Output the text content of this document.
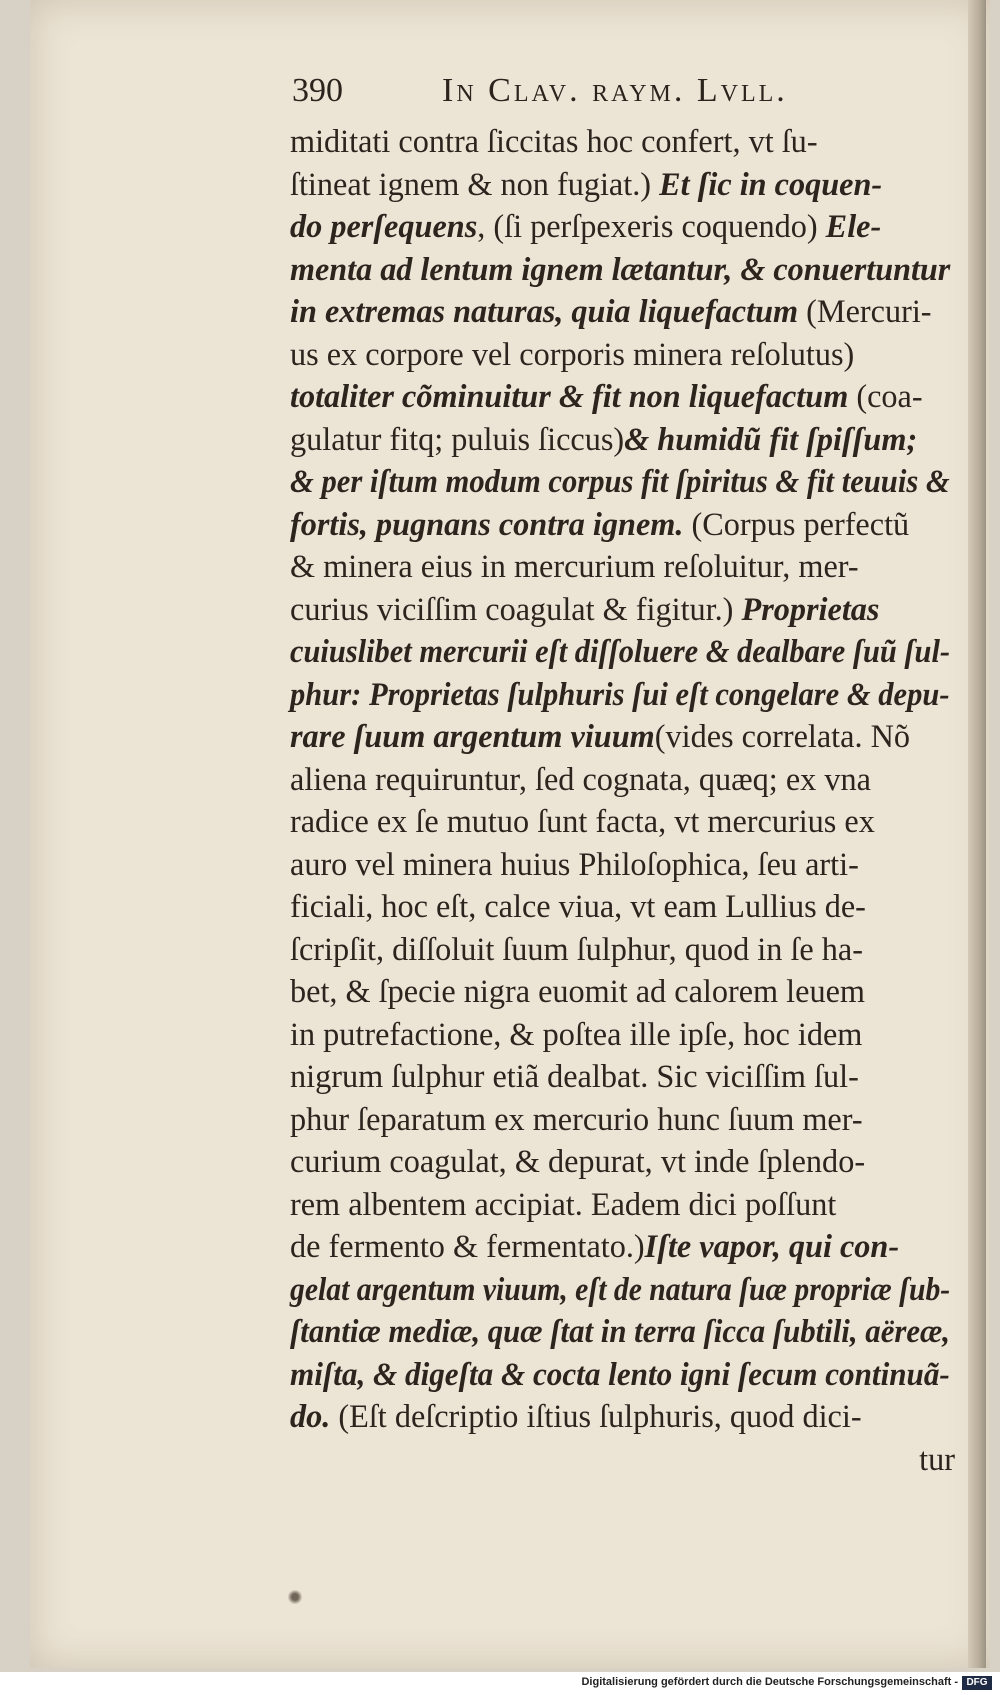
390	In Clav. raym. Lvll.
miditati contra ſiccitas hoc confert, vt ſu-
ſtineat ignem & non fugiat.) Et ſic in coquen-
do perſequens, (ſi perſpexeris coquendo) Ele-
menta ad lentum ignem lætantur, & conuertuntur
in extremas naturas, quia liquefactum (Mercuri-
us ex corpore vel corporis minera reſolutus)
totaliter cõminuitur & fit non liquefactum (coa-
gulatur fitq; puluis ſiccus)& humidũ fit ſpiſſum;
& per iſtum modum corpus fit ſpiritus & fit teuuis &
fortis, pugnans contra ignem. (Corpus perfectũ
& minera eius in mercurium reſoluitur, mer-
curius viciſſim coagulat & figitur.) Proprietas
cuiuslibet mercurii eſt diſſoluere & dealbare ſuũ ſul-
phur: Proprietas ſulphuris ſui eſt congelare & depu-
rare ſuum argentum viuum(vides correlata. Nõ
aliena requiruntur, ſed cognata, quæq; ex vna
radice ex ſe mutuo ſunt facta, vt mercurius ex
auro vel minera huius Philoſophica, ſeu arti-
ficiali, hoc eſt, calce viua, vt eam Lullius de-
ſcripſit, diſſoluit ſuum ſulphur, quod in ſe ha-
bet, & ſpecie nigra euomit ad calorem leuem
in putrefactione, & poſtea ille ipſe, hoc idem
nigrum ſulphur etiã dealbat. Sic viciſſim ſul-
phur ſeparatum ex mercurio hunc ſuum mer-
curium coagulat, & depurat, vt inde ſplendo-
rem albentem accipiat. Eadem dici poſſunt
de fermento & fermentato.)Iſte vapor, qui con-
gelat argentum viuum, eſt de natura ſuæ propriæ ſub-
ſtantiæ mediæ, quæ ſtat in terra ſicca ſubtili, aëreæ,
miſta, & digeſta & cocta lento igni ſecum continuã-
do. (Eſt deſcriptio iſtius ſulphuris, quod dici-
tur
Digitalisierung gefördert durch die Deutsche Forschungsgemeinschaft - DFG
